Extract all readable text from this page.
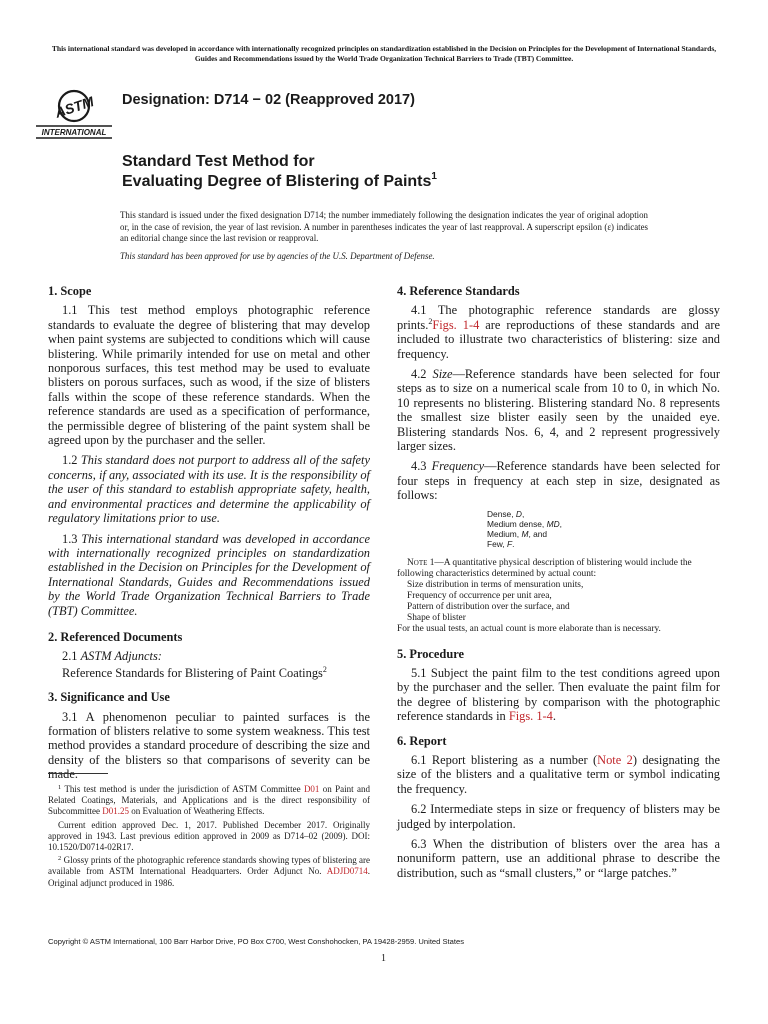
This international standard was developed in accordance with internationally recognized principles on standardization established in the Decision on Principles for the Development of International Standards, Guides and Recommendations issued by the World Trade Organization Technical Barriers to Trade (TBT) Committee.
ASTM
INTERNATIONAL
Designation: D714 − 02 (Reapproved 2017)
Standard Test Method for
Evaluating Degree of Blistering of Paints$^1$
This standard is issued under the fixed designation D714; the number immediately following the designation indicates the year of original adoption or, in the case of revision, the year of last revision. A number in parentheses indicates the year of last reapproval. A superscript epsilon (ε) indicates an editorial change since the last revision or reapproval.
This standard has been approved for use by agencies of the U.S. Department of Defense.
1. Scope

1.1 This test method employs photographic reference standards to evaluate the degree of blistering that may develop when paint systems are subjected to conditions which will cause blistering. While primarily intended for use on metal and other nonporous surfaces, this test method may be used to evaluate blisters on porous surfaces, such as wood, if the size of blisters falls within the scope of these reference standards. When the reference standards are used as a specification of performance, the permissible degree of blistering of the paint system shall be agreed upon by the purchaser and the seller.

1.2 This standard does not purport to address all of the safety concerns, if any, associated with its use. It is the responsibility of the user of this standard to establish appropriate safety, health, and environmental practices and determine the applicability of regulatory limitations prior to use.

1.3 This international standard was developed in accordance with internationally recognized principles on standardization established in the Decision on Principles for the Development of International Standards, Guides and Recommendations issued by the World Trade Organization Technical Barriers to Trade (TBT) Committee.

2. Referenced Documents

2.1 ASTM Adjuncts:

Reference Standards for Blistering of Paint Coatings$^2$
3. Significance and Use

3.1 A phenomenon peculiar to painted surfaces is the formation of blisters relative to some system weakness. This test method provides a standard procedure of describing the size and density of the blisters so that comparisons of severity can be made.

$^1$ This test method is under the jurisdiction of ASTM Committee D01 on Paint and Related Coatings, Materials, and Applications and is the direct responsibility of Subcommittee D01.25 on Evaluation of Weathering Effects.
Current edition approved Dec. 1, 2017. Published December 2017. Originally approved in 1943. Last previous edition approved in 2009 as D714–02 (2009). DOI: 10.1520/D0714-02R17.
$^2$ Glossy prints of the photographic reference standards showing types of blistering are available from ASTM International Headquarters. Order Adjunct No. ADJD0714. Original adjunct produced in 1986.
4. Reference Standards

4.1 The photographic reference standards are glossy prints.$^2$Figs. 1-4 are reproductions of these standards and are included to illustrate two characteristics of blistering: size and frequency.

4.2 Size—Reference standards have been selected for four steps as to size on a numerical scale from 10 to 0, in which No. 10 represents no blistering. Blistering standard No. 8 represents the smallest size blister easily seen by the unaided eye. Blistering standards Nos. 6, 4, and 2 represent progressively larger sizes.

4.3 Frequency—Reference standards have been selected for four steps in frequency at each step in size, designated as follows:

Dense, D,
Medium dense, MD,
Medium, M, and
Few, F.
Note 1—A quantitative physical description of blistering would include the following characteristics determined by actual count:
Size distribution in terms of mensuration units,
Frequency of occurrence per unit area,
Pattern of distribution over the surface, and
Shape of blister
For the usual tests, an actual count is more elaborate than is necessary.
5. Procedure

5.1 Subject the paint film to the test conditions agreed upon by the purchaser and the seller. Then evaluate the paint film for the degree of blistering by comparison with the photographic reference standards in Figs. 1-4.

6. Report

6.1 Report blistering as a number (Note 2) designating the size of the blisters and a qualitative term or symbol indicating the frequency.

6.2 Intermediate steps in size or frequency of blisters may be judged by interpolation.

6.3 When the distribution of blisters over the area has a nonuniform pattern, use an additional phrase to describe the distribution, such as “small clusters,” or “large patches.”

Copyright © ASTM International, 100 Barr Harbor Drive, PO Box C700, West Conshohocken, PA 19428-2959. United States
1
